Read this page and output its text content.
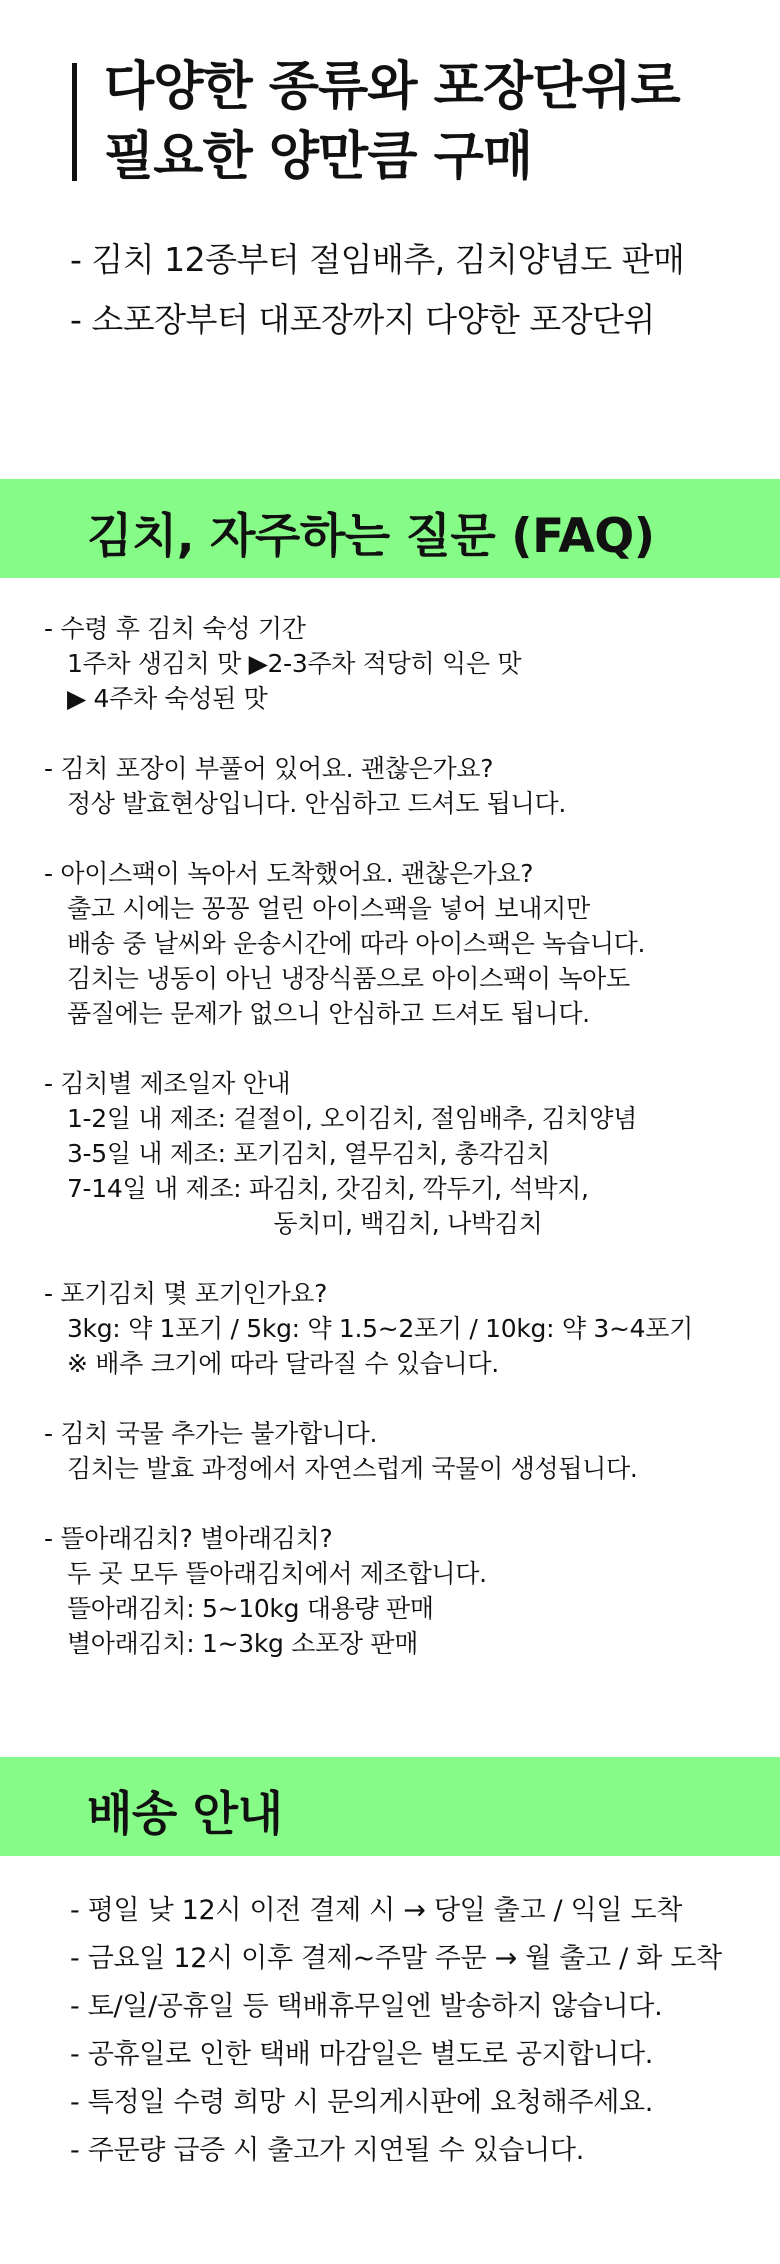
다양한 종류와 포장단위로
필요한 양만큼 구매
- 김치 12종부터 절임배추, 김치양념도 판매
- 소포장부터 대포장까지 다양한 포장단위
김치, 자주하는 질문 (FAQ)
- 수령 후 김치 숙성 기간
1주차 생김치 맛 ▶2-3주차 적당히 익은 맛
▶ 4주차 숙성된 맛
- 김치 포장이 부풀어 있어요. 괜찮은가요?
정상 발효현상입니다. 안심하고 드셔도 됩니다.
- 아이스팩이 녹아서 도착했어요. 괜찮은가요?
출고 시에는 꽁꽁 얼린 아이스팩을 넣어 보내지만
배송 중 날씨와 운송시간에 따라 아이스팩은 녹습니다.
김치는 냉동이 아닌 냉장식품으로 아이스팩이 녹아도
품질에는 문제가 없으니 안심하고 드셔도 됩니다.
- 김치별 제조일자 안내
1-2일 내 제조: 겉절이, 오이김치, 절임배추, 김치양념
3-5일 내 제조: 포기김치, 열무김치, 총각김치
7-14일 내 제조: 파김치, 갓김치, 깍두기, 석박지,
동치미, 백김치, 나박김치
- 포기김치 몇 포기인가요?
3kg: 약 1포기 / 5kg: 약 1.5~2포기 / 10kg: 약 3~4포기
※ 배추 크기에 따라 달라질 수 있습니다.
- 김치 국물 추가는 불가합니다.
김치는 발효 과정에서 자연스럽게 국물이 생성됩니다.
- 뜰아래김치? 별아래김치?
두 곳 모두 뜰아래김치에서 제조합니다.
뜰아래김치: 5~10kg 대용량 판매
별아래김치: 1~3kg 소포장 판매
배송 안내
- 평일 낮 12시 이전 결제 시 → 당일 출고 / 익일 도착
- 금요일 12시 이후 결제~주말 주문 → 월 출고 / 화 도착
- 토/일/공휴일 등 택배휴무일엔 발송하지 않습니다.
- 공휴일로 인한 택배 마감일은 별도로 공지합니다.
- 특정일 수령 희망 시 문의게시판에 요청해주세요.
- 주문량 급증 시 출고가 지연될 수 있습니다.
